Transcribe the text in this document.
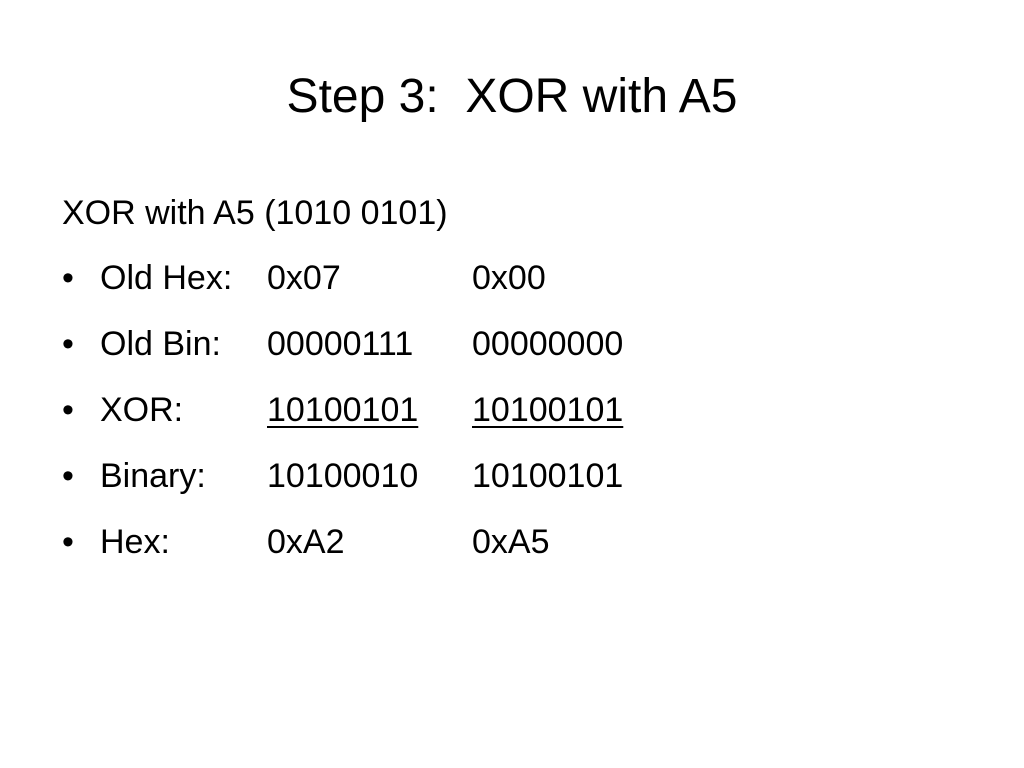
Step 3:  XOR with A5
XOR with A5 (1010 0101)
• Old Hex: 0x07	0x00
• Old Bin: 00000111 00000000
• XOR: 10100101 10100101
• Binary: 10100010 10100101
• Hex:	0xA2	0xA5
